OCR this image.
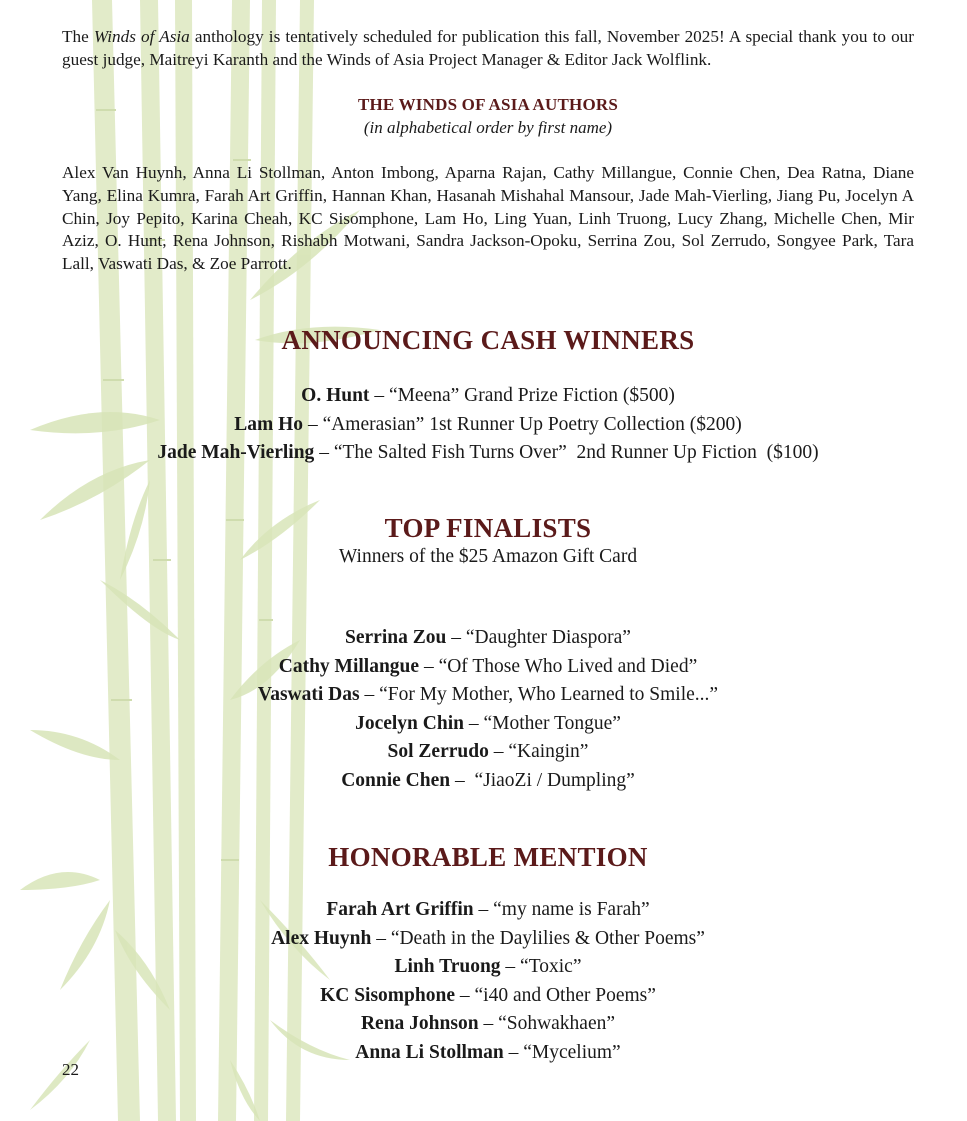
The Winds of Asia anthology is tentatively scheduled for publication this fall, November 2025! A special thank you to our guest judge, Maitreyi Karanth and the Winds of Asia Project Manager & Editor Jack Wolflink.

THE WINDS OF ASIA AUTHORS

(in alphabetical order by first name)

Alex Van Huynh, Anna Li Stollman, Anton Imbong, Aparna Rajan, Cathy Millangue, Connie Chen, Dea Ratna, Diane Yang, Elina Kumra, Farah Art Griffin, Hannan Khan, Hasanah Mishahal Mansour, Jade Mah-Vierling, Jiang Pu, Jocelyn A Chin, Joy Pepito, Karina Cheah, KC Sisomphone, Lam Ho, Ling Yuan, Linh Truong, Lucy Zhang, Michelle Chen, Mir Aziz, O. Hunt, Rena Johnson, Rishabh Motwani, Sandra Jackson-Opoku, Serrina Zou, Sol Zerrudo, Songyee Park, Tara Lall, Vaswati Das, & Zoe Parrott.

ANNOUNCING CASH WINNERS
O. Hunt – “Meena” Grand Prize Fiction ($500)
Lam Ho – “Amerasian” 1st Runner Up Poetry Collection ($200)
Jade Mah-Vierling – “The Salted Fish Turns Over”  2nd Runner Up Fiction  ($100)
TOP FINALISTS

Winners of the $25 Amazon Gift Card

Serrina Zou – “Daughter Diaspora”
Cathy Millangue – “Of Those Who Lived and Died”
Vaswati Das – “For My Mother, Who Learned to Smile...”
Jocelyn Chin – “Mother Tongue”
Sol Zerrudo – “Kaingin”
Connie Chen –  “JiaoZi / Dumpling”
HONORABLE MENTION
Farah Art Griffin – “my name is Farah”
Alex Huynh – “Death in the Daylilies & Other Poems”
Linh Truong – “Toxic”
KC Sisomphone – “i40 and Other Poems”
Rena Johnson – “Sohwakhaen”
Anna Li Stollman – “Mycelium”

22
